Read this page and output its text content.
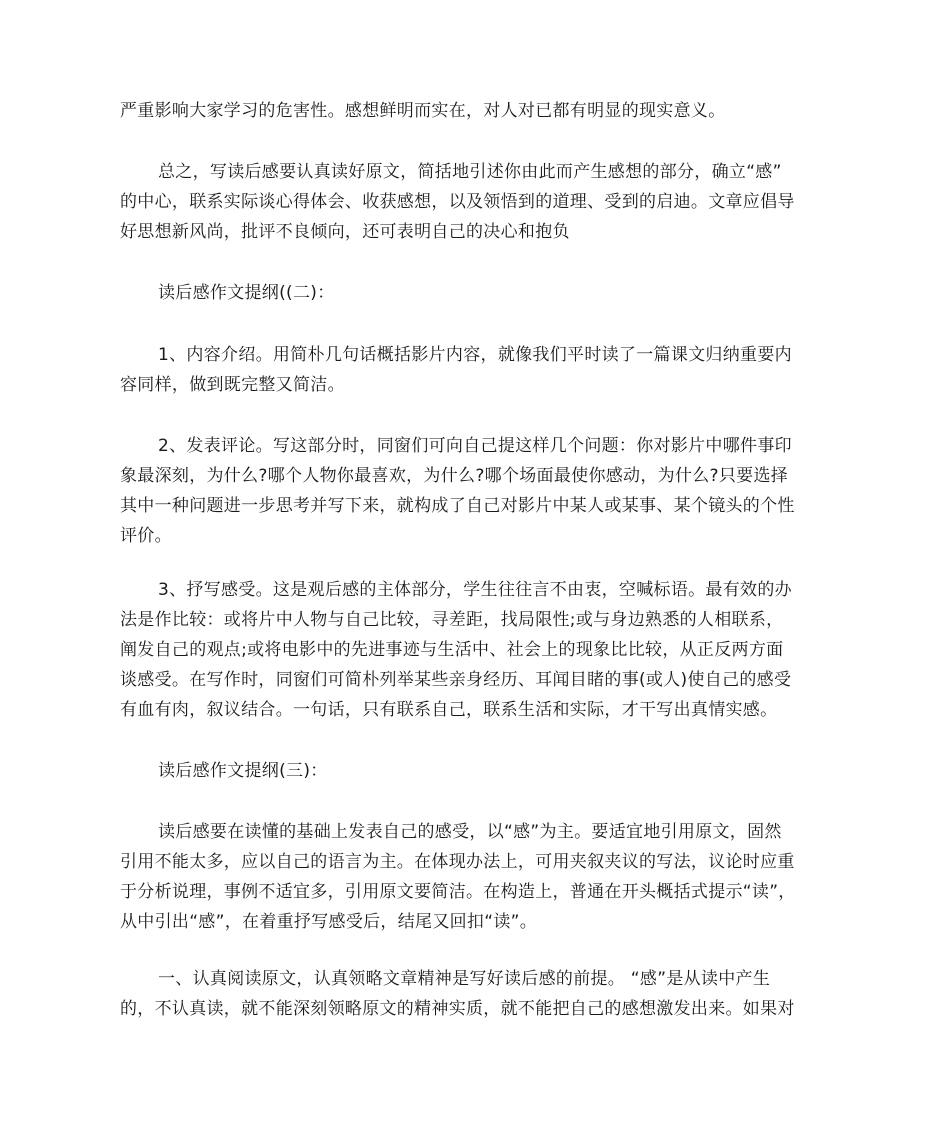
严重影响大家学习的危害性。感想鲜明而实在，对人对已都有明显的现实意义。
总之，写读后感要认真读好原文，简括地引述你由此而产生感想的部分，确立“感”
的中心，联系实际谈心得体会、收获感想，以及领悟到的道理、受到的启迪。文章应倡导
好思想新风尚，批评不良倾向，还可表明自己的决心和抱负
读后感作文提纲((二)：
1、内容介绍。用简朴几句话概括影片内容，就像我们平时读了一篇课文归纳重要内
容同样，做到既完整又简洁。
2、发表评论。写这部分时，同窗们可向自己提这样几个问题：你对影片中哪件事印
象最深刻，为什么?哪个人物你最喜欢，为什么?哪个场面最使你感动，为什么?只要选择
其中一种问题进一步思考并写下来，就构成了自己对影片中某人或某事、某个镜头的个性
评价。
3、抒写感受。这是观后感的主体部分，学生往往言不由衷，空喊标语。最有效的办
法是作比较：或将片中人物与自己比较，寻差距，找局限性;或与身边熟悉的人相联系，
阐发自己的观点;或将电影中的先进事迹与生活中、社会上的现象比比较，从正反两方面
谈感受。在写作时，同窗们可简朴列举某些亲身经历、耳闻目睹的事(或人)使自己的感受
有血有肉，叙议结合。一句话，只有联系自己，联系生活和实际，才干写出真情实感。
读后感作文提纲(三)：
读后感要在读懂的基础上发表自己的感受，以“感”为主。要适宜地引用原文，固然
引用不能太多，应以自己的语言为主。在体现办法上，可用夹叙夹议的写法，议论时应重
于分析说理，事例不适宜多，引用原文要简洁。在构造上，普通在开头概括式提示“读”，
从中引出“感”，在着重抒写感受后，结尾又回扣“读”。
一、认真阅读原文，认真领略文章精神是写好读后感的前提。 “感”是从读中产生
的，不认真读，就不能深刻领略原文的精神实质，就不能把自己的感想激发出来。如果对
